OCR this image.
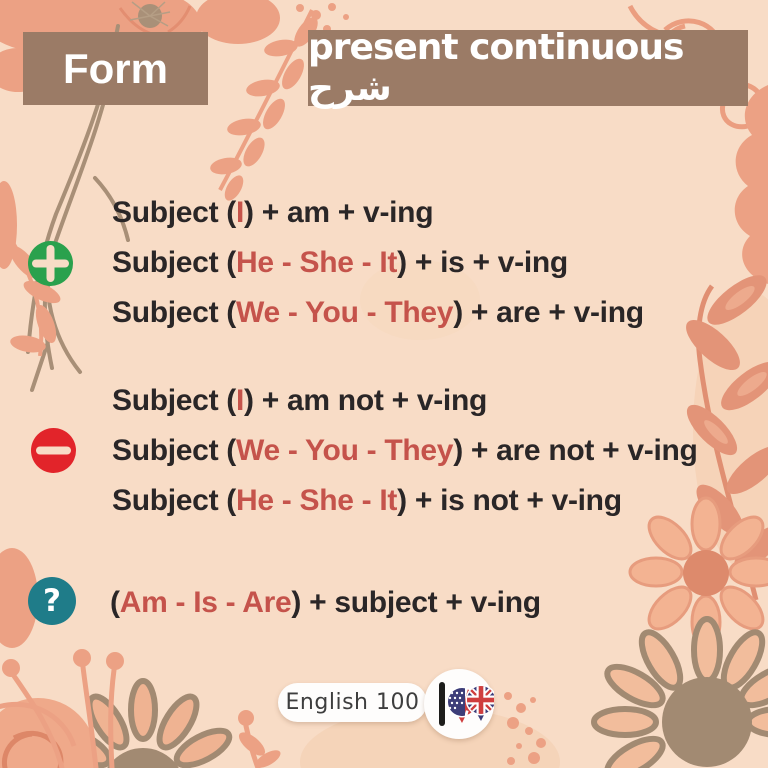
Form	present continuous شرح
Subject (I) + am + v-ing
Subject (He - She - It) + is + v-ing
Subject (We - You - They) + are + v-ing
Subject (I) + am not + v-ing
Subject (We - You - They) + are not + v-ing
Subject (He - She - It) + is not + v-ing
? (Am - Is - Are) + subject + v-ing
English 100
